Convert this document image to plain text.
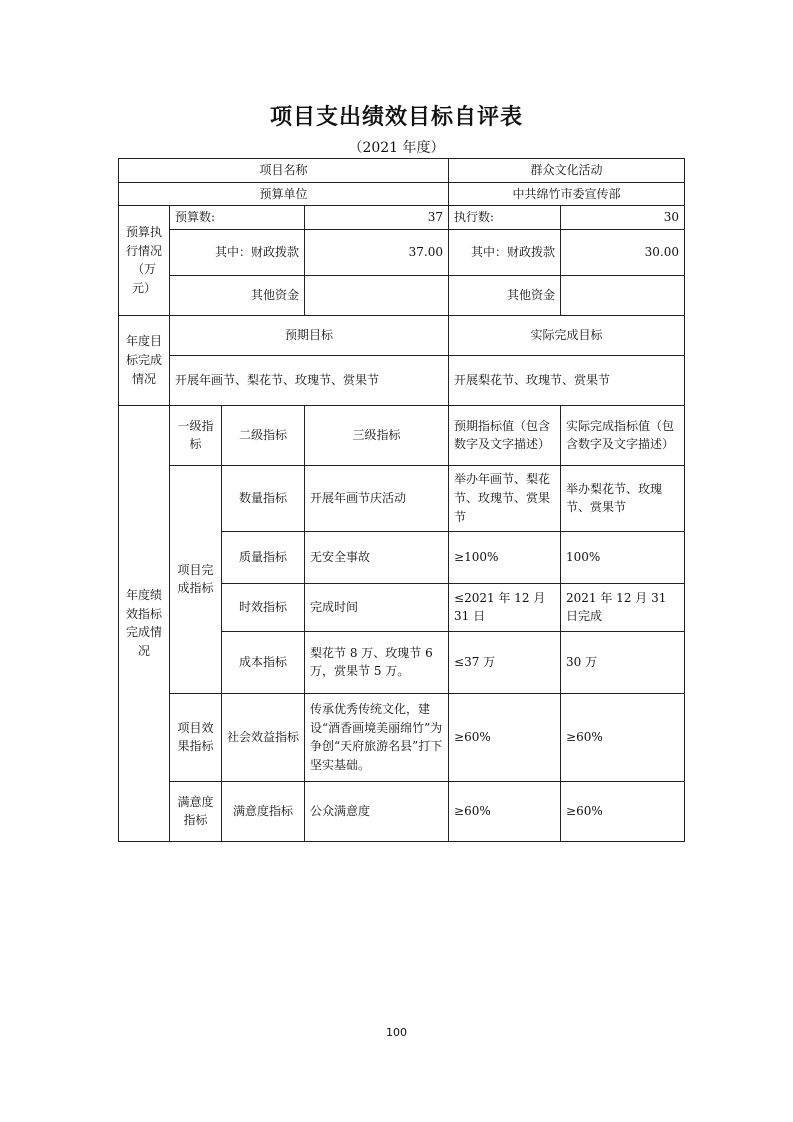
项目支出绩效目标自评表
（2021 年度）
项目名称				群众文化活动	
预算单位				中共绵竹市委宣传部	
预算执行情况（万元）	预算数:		37	执行数:	30
	其中：财政拨款		37.00	其中：财政拨款	30.00
	其他资金			其他资金	
年度目标完成情况	预期目标			实际完成目标	
	开展年画节、梨花节、玫瑰节、赏果节			开展梨花节、玫瑰节、赏果节	
年度绩效指标完成情况	一级指标	二级指标	三级指标	预期指标值（包含数字及文字描述）	实际完成指标值（包含数字及文字描述）
	项目完成指标	数量指标	开展年画节庆活动	举办年画节、梨花节、玫瑰节、赏果节	举办梨花节、玫瑰节、赏果节
		质量指标	无安全事故	≥100%	100%
		时效指标	完成时间	≤2021 年 12 月 31 日	2021 年 12 月 31 日完成
		成本指标	梨花节 8 万、玫瑰节 6 万，赏果节 5 万。	≤37 万	30 万
	项目效果指标	社会效益指标	传承优秀传统文化，建设“酒香画境美丽绵竹”为争创“天府旅游名县”打下坚实基础。	≥60%	≥60%
	满意度指标	满意度指标	公众满意度	≥60%	≥60%
100
